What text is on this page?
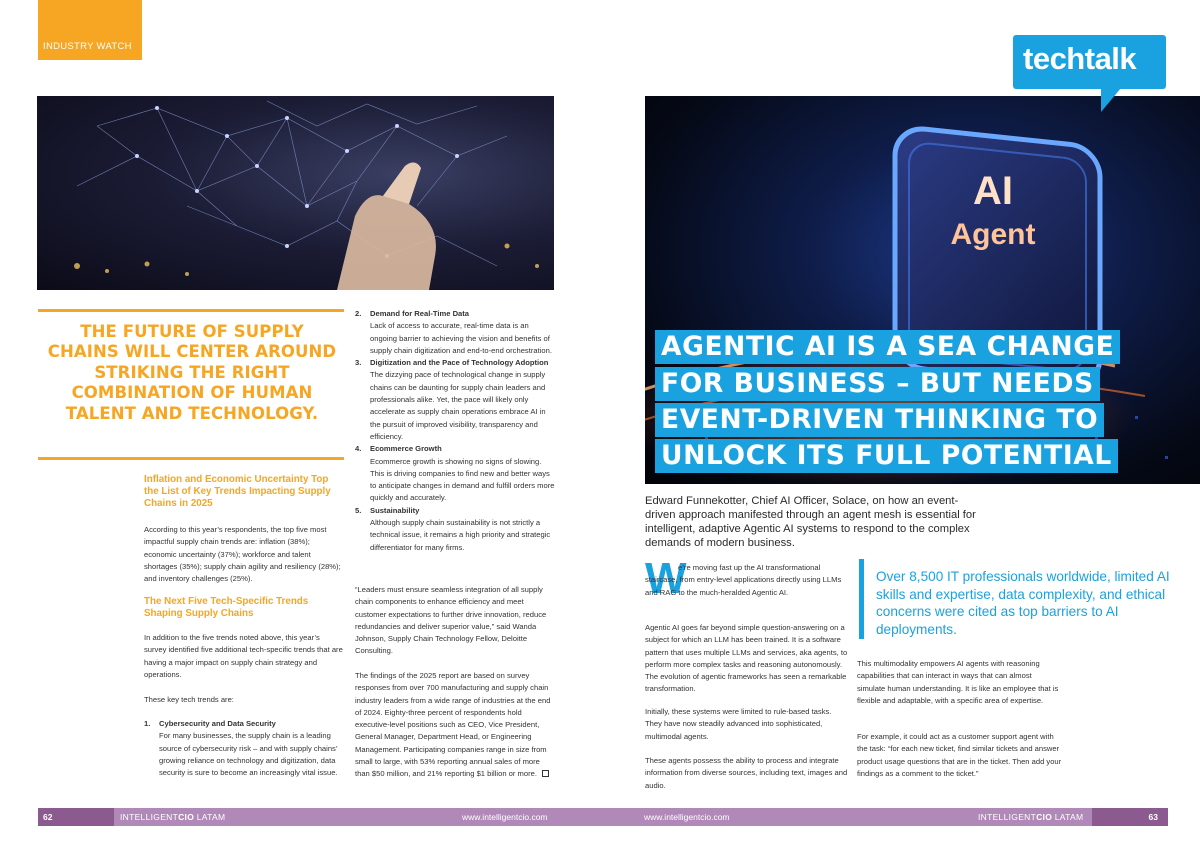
INDUSTRY WATCH
THE FUTURE OF SUPPLY CHAINS WILL CENTER AROUND STRIKING THE RIGHT COMBINATION OF HUMAN TALENT AND TECHNOLOGY.
Inflation and Economic Uncertainty Top the List of Key Trends Impacting Supply Chains in 2025
According to this year’s respondents, the top five most impactful supply chain trends are: inflation (38%); economic uncertainty (37%); workforce and talent shortages (35%); supply chain agility and resiliency (28%); and inventory challenges (25%).
The Next Five Tech-Specific Trends Shaping Supply Chains
In addition to the five trends noted above, this year’s survey identified five additional tech-specific trends that are having a major impact on supply chain strategy and operations.
These key tech trends are:
1. Cybersecurity and Data Security
For many businesses, the supply chain is a leading source of cybersecurity risk – and with supply chains’ growing reliance on technology and digitization, data security is sure to become an increasingly vital issue.
2. Demand for Real-Time Data
Lack of access to accurate, real-time data is an ongoing barrier to achieving the vision and benefits of supply chain digitization and end-to-end orchestration.
3. Digitization and the Pace of Technology Adoption
The dizzying pace of technological change in supply chains can be daunting for supply chain leaders and professionals alike. Yet, the pace will likely only accelerate as supply chain operations embrace AI in the pursuit of improved visibility, transparency and efficiency.
4. Ecommerce Growth
Ecommerce growth is showing no signs of slowing. This is driving companies to find new and better ways to anticipate changes in demand and fulfill orders more quickly and accurately.
5. Sustainability
Although supply chain sustainability is not strictly a technical issue, it remains a high priority and strategic differentiator for many firms.
“Leaders must ensure seamless integration of all supply chain components to enhance efficiency and meet customer expectations to further drive innovation, reduce redundancies and deliver superior value,” said Wanda Johnson, Supply Chain Technology Fellow, Deloitte Consulting.
The findings of the 2025 report are based on survey responses from over 700 manufacturing and supply chain industry leaders from a wide range of industries at the end of 2024. Eighty-three percent of respondents hold executive-level positions such as CEO, Vice President, General Manager, Department Head, or Engineering Management. Participating companies range in size from small to large, with 53% reporting annual sales of more than $50 million, and 21% reporting $1 billion or more.
AI
Agent
techtalk
AGENTIC AI IS A SEA CHANGE
FOR BUSINESS – BUT NEEDS
EVENT-DRIVEN THINKING TO
UNLOCK ITS FULL POTENTIAL
Edward Funnekotter, Chief AI Officer, Solace, on how an event-driven approach manifested through an agent mesh is essential for intelligent, adaptive Agentic AI systems to respond to the complex demands of modern business.
W
e’re moving fast up the AI transformational staircase, from entry-level applications directly using LLMs and RAG to the much-heralded Agentic AI.
Agentic AI goes far beyond simple question-answering on a subject for which an LLM has been trained. It is a software pattern that uses multiple LLMs and services, aka agents, to perform more complex tasks and reasoning autonomously. The evolution of agentic frameworks has seen a remarkable transformation.
Initially, these systems were limited to rule-based tasks. They have now steadily advanced into sophisticated, multimodal agents.
These agents possess the ability to process and integrate information from diverse sources, including text, images and audio.
Over 8,500 IT professionals worldwide, limited AI skills and expertise, data complexity, and ethical concerns were cited as top barriers to AI deployments.
This multimodality empowers AI agents with reasoning capabilities that can interact in ways that can almost simulate human understanding. It is like an employee that is flexible and adaptable, with a specific area of expertise.
For example, it could act as a customer support agent with the task: “for each new ticket, find similar tickets and answer product usage questions that are in the ticket. Then add your findings as a comment to the ticket.”
62	INTELLIGENTCIO LATAM	www.intelligentcio.com	www.intelligentcio.com	INTELLIGENTCIO LATAM	63
